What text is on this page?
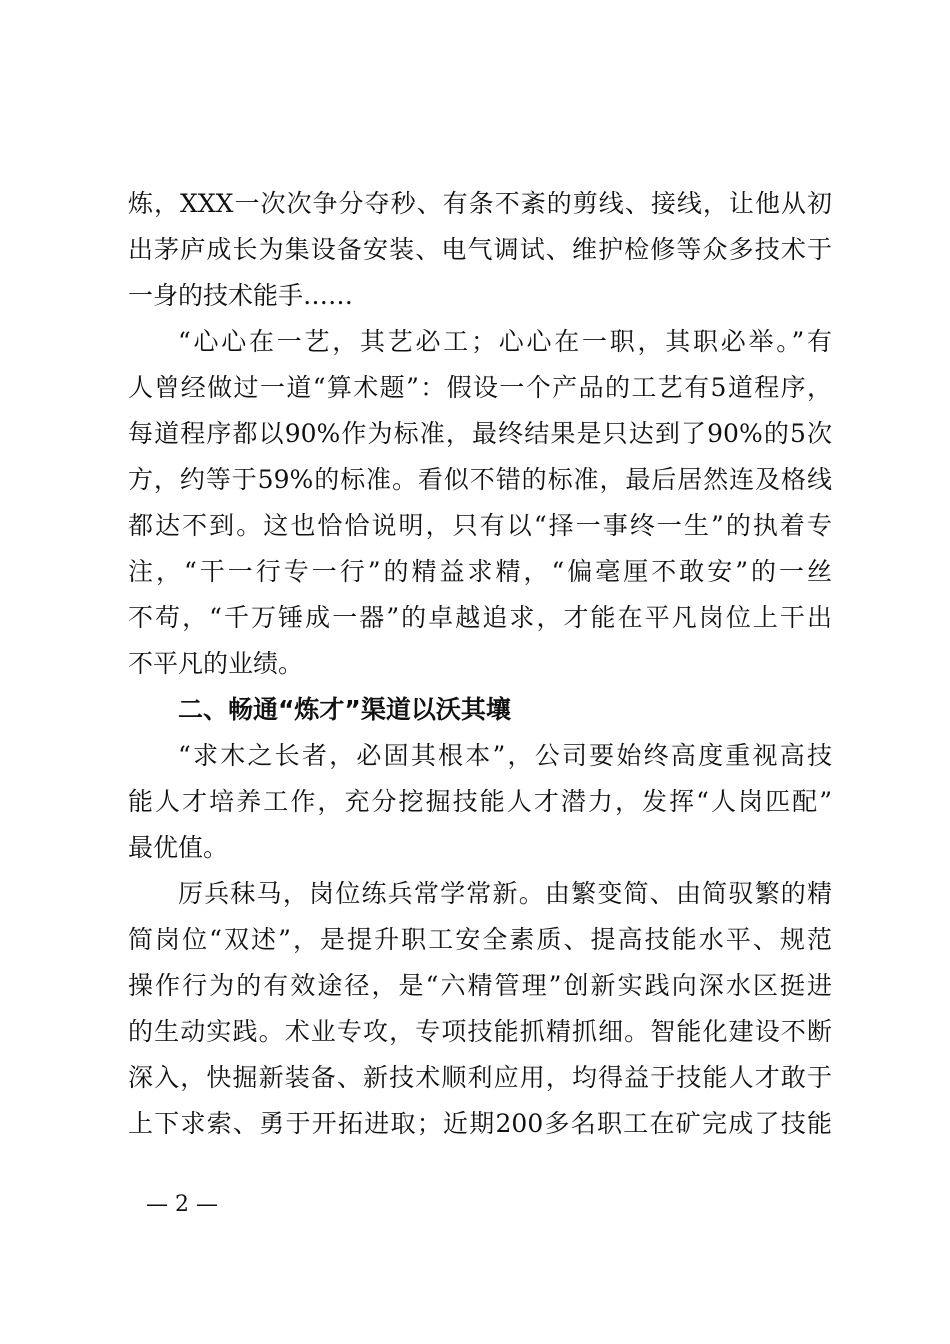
炼，XXX一次次争分夺秒、有条不紊的剪线、接线，让他从初
出茅庐成长为集设备安装、电气调试、维护检修等众多技术于
一身的技术能手……
“心心在一艺，其艺必工；心心在一职，其职必举。”有
人曾经做过一道“算术题”：假设一个产品的工艺有5道程序，
每道程序都以90%作为标准，最终结果是只达到了90%的5次
方，约等于59%的标准。看似不错的标准，最后居然连及格线
都达不到。这也恰恰说明，只有以“择一事终一生”的执着专
注，“干一行专一行”的精益求精，“偏毫厘不敢安”的一丝
不苟，“千万锤成一器”的卓越追求，才能在平凡岗位上干出
不平凡的业绩。
二、畅通“炼才”渠道以沃其壤
“求木之长者，必固其根本”，公司要始终高度重视高技
能人才培养工作，充分挖掘技能人才潜力，发挥“人岗匹配”
最优值。
厉兵秣马，岗位练兵常学常新。由繁变简、由简驭繁的精
简岗位“双述”，是提升职工安全素质、提高技能水平、规范
操作行为的有效途径，是“六精管理”创新实践向深水区挺进
的生动实践。术业专攻，专项技能抓精抓细。智能化建设不断
深入，快掘新装备、新技术顺利应用，均得益于技能人才敢于
上下求索、勇于开拓进取；近期200多名职工在矿完成了技能
— 2 —
